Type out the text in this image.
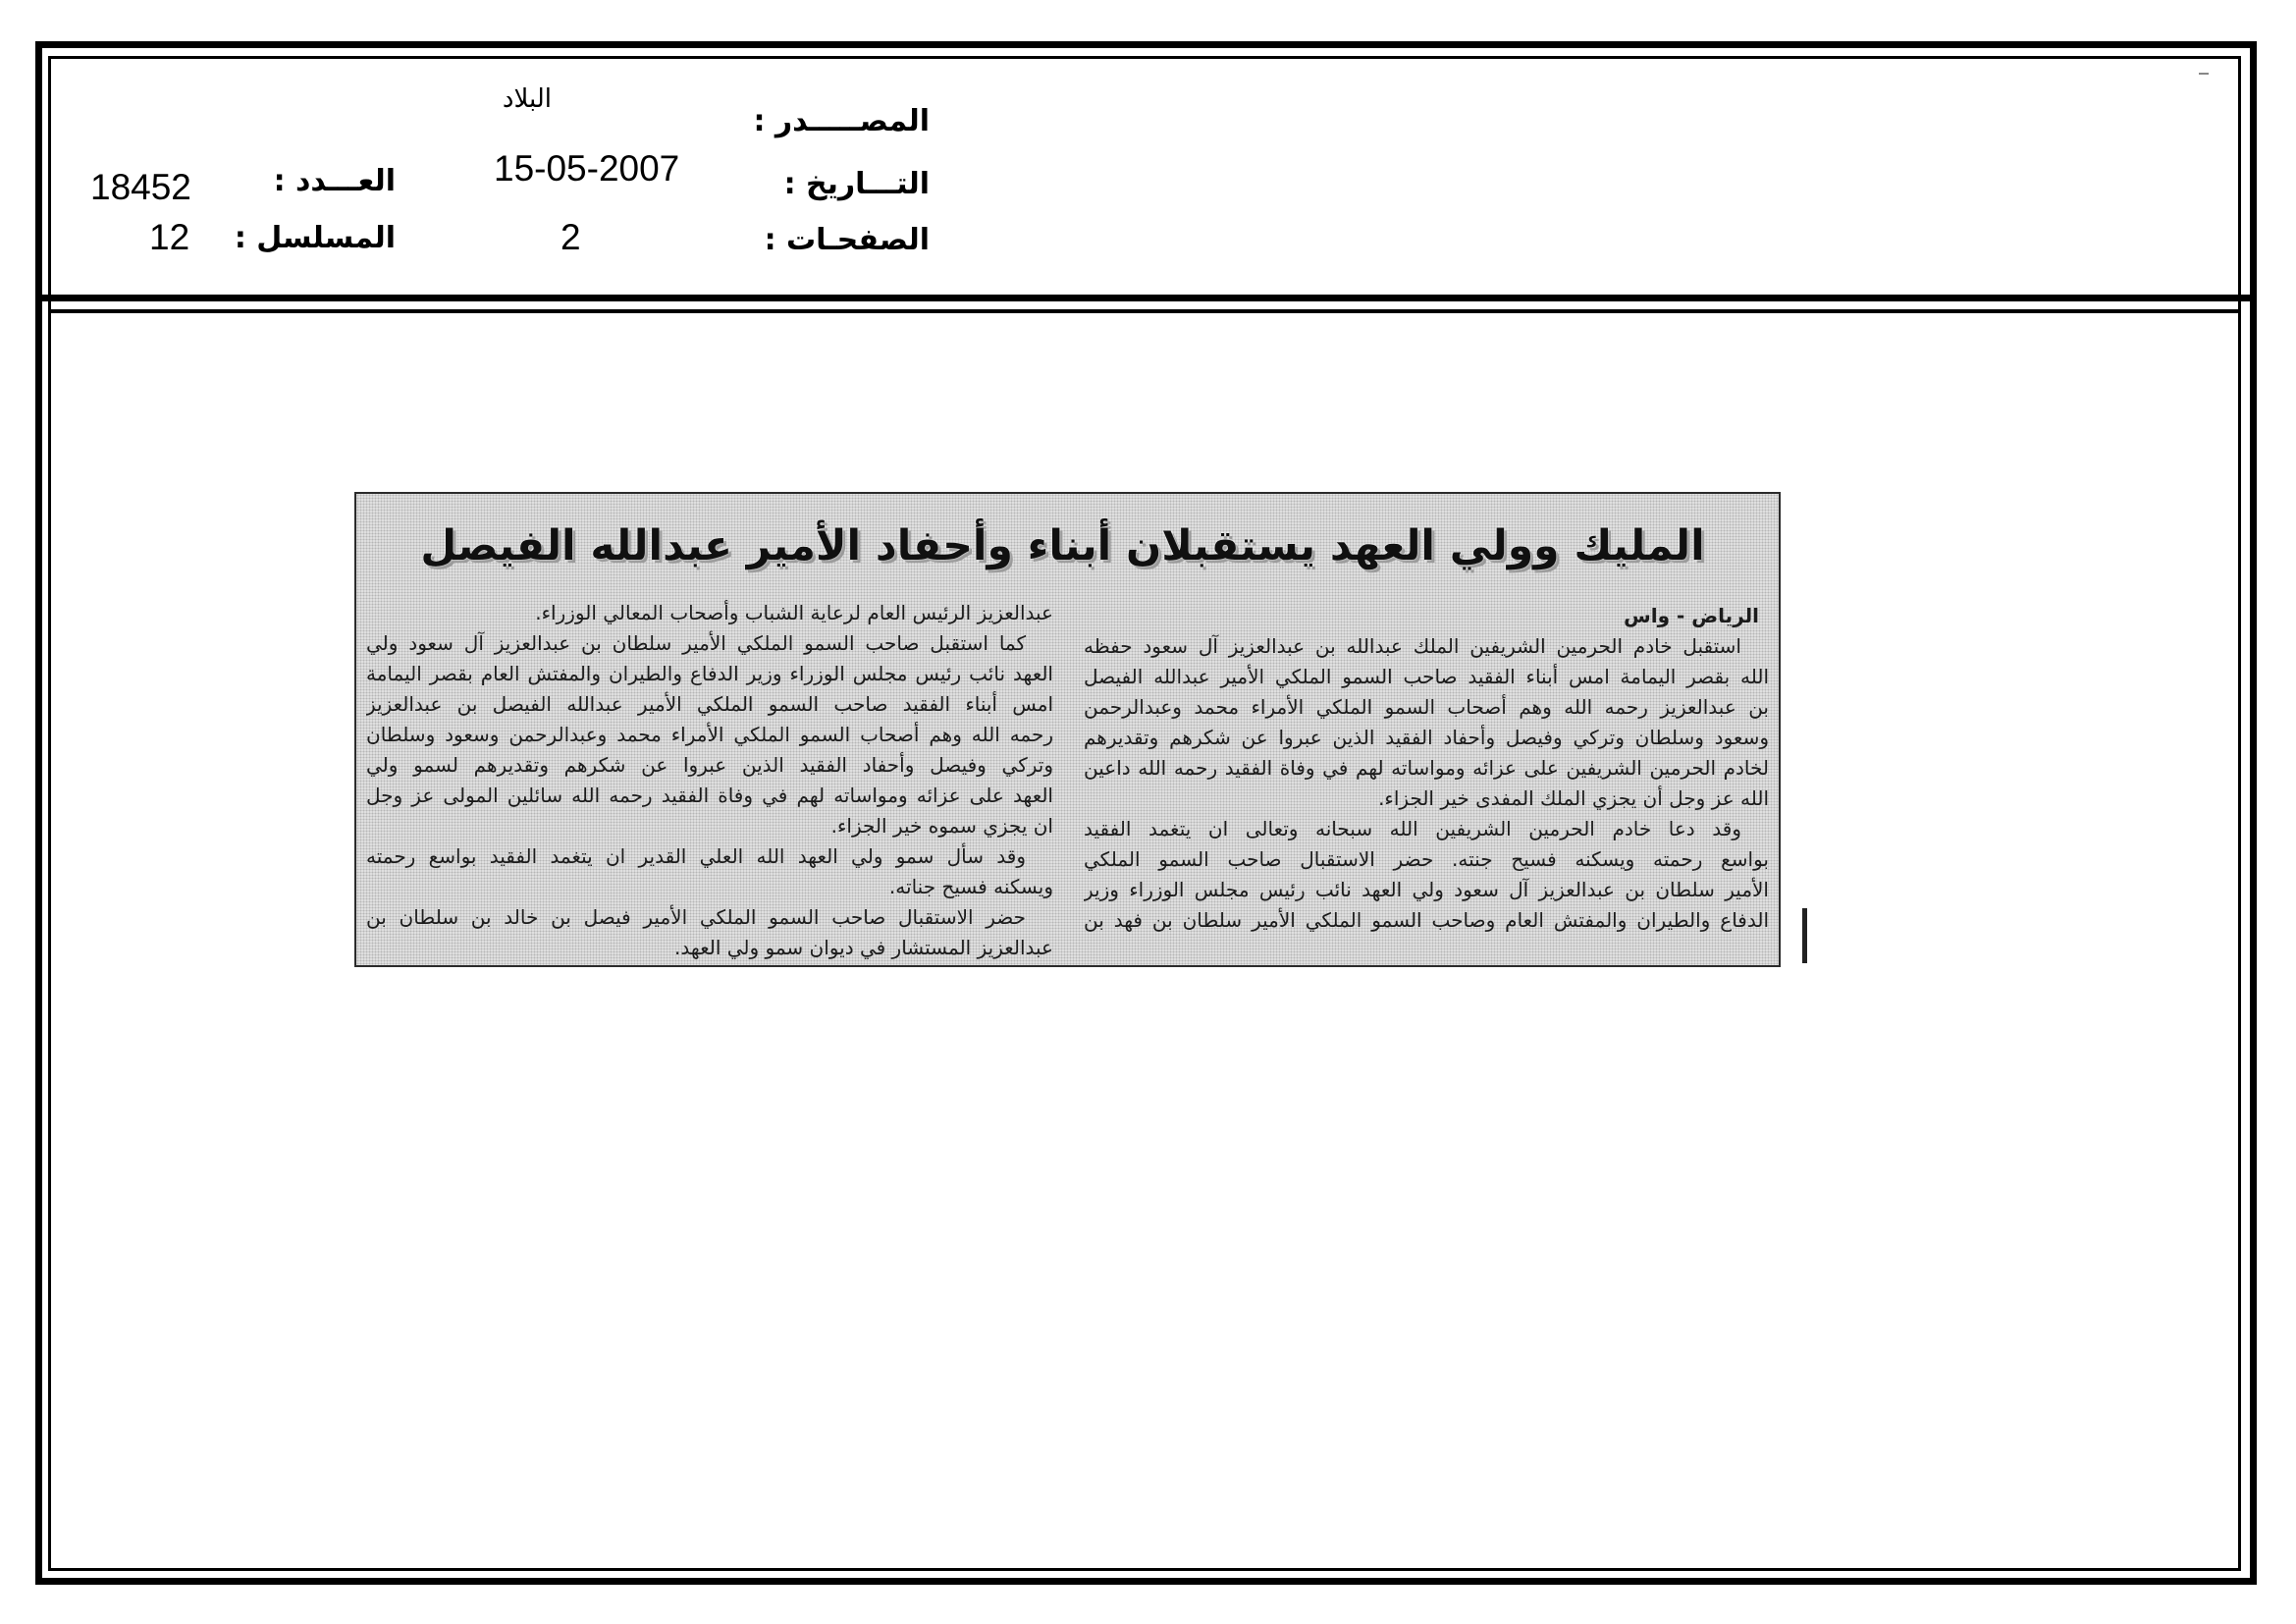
البلاد
المصـــــدر :
15-05-2007	التـــاريخ :
2	الصفحـات :
18452	العـــدد :
12 المسلسل :
المليك وولي العهد يستقبلان أبناء وأحفاد الأمير عبدالله الفيصل
الرياض - واس
استقبل خادم الحرمين الشريفين الملك عبدالله بن عبدالعزيز آل سعود حفظه
الله بقصر اليمامة امس أبناء الفقيد صاحب السمو الملكي الأمير عبدالله الفيصل
بن عبدالعزيز رحمه الله وهم أصحاب السمو الملكي الأمراء محمد وعبدالرحمن
وسعود وسلطان وتركي وفيصل وأحفاد الفقيد الذين عبروا عن شكرهم وتقديرهم
لخادم الحرمين الشريفين على عزائه ومواساته لهم في وفاة الفقيد رحمه الله داعين
الله عز وجل أن يجزي الملك المفدى خير الجزاء.
وقد دعا خادم الحرمين الشريفين الله سبحانه وتعالى ان يتغمد الفقيد
بواسع رحمته ويسكنه فسيح جنته. حضر الاستقبال صاحب السمو الملكي
الأمير سلطان بن عبدالعزيز آل سعود ولي العهد نائب رئيس مجلس الوزراء وزير
الدفاع والطيران والمفتش العام وصاحب السمو الملكي الأمير سلطان بن فهد بن
عبدالعزيز الرئيس العام لرعاية الشباب وأصحاب المعالي الوزراء.
كما استقبل صاحب السمو الملكي الأمير سلطان بن عبدالعزيز آل سعود ولي
العهد نائب رئيس مجلس الوزراء وزير الدفاع والطيران والمفتش العام بقصر اليمامة
امس أبناء الفقيد صاحب السمو الملكي الأمير عبدالله الفيصل بن عبدالعزيز
رحمه الله وهم أصحاب السمو الملكي الأمراء محمد وعبدالرحمن وسعود وسلطان
وتركي وفيصل وأحفاد الفقيد الذين عبروا عن شكرهم وتقديرهم لسمو ولي
العهد على عزائه ومواساته لهم في وفاة الفقيد رحمه الله سائلين المولى عز وجل
ان يجزي سموه خير الجزاء.
وقد سأل سمو ولي العهد الله العلي القدير ان يتغمد الفقيد بواسع رحمته
ويسكنه فسيح جناته.
حضر الاستقبال صاحب السمو الملكي الأمير فيصل بن خالد بن سلطان بن
عبدالعزيز المستشار في ديوان سمو ولي العهد.
